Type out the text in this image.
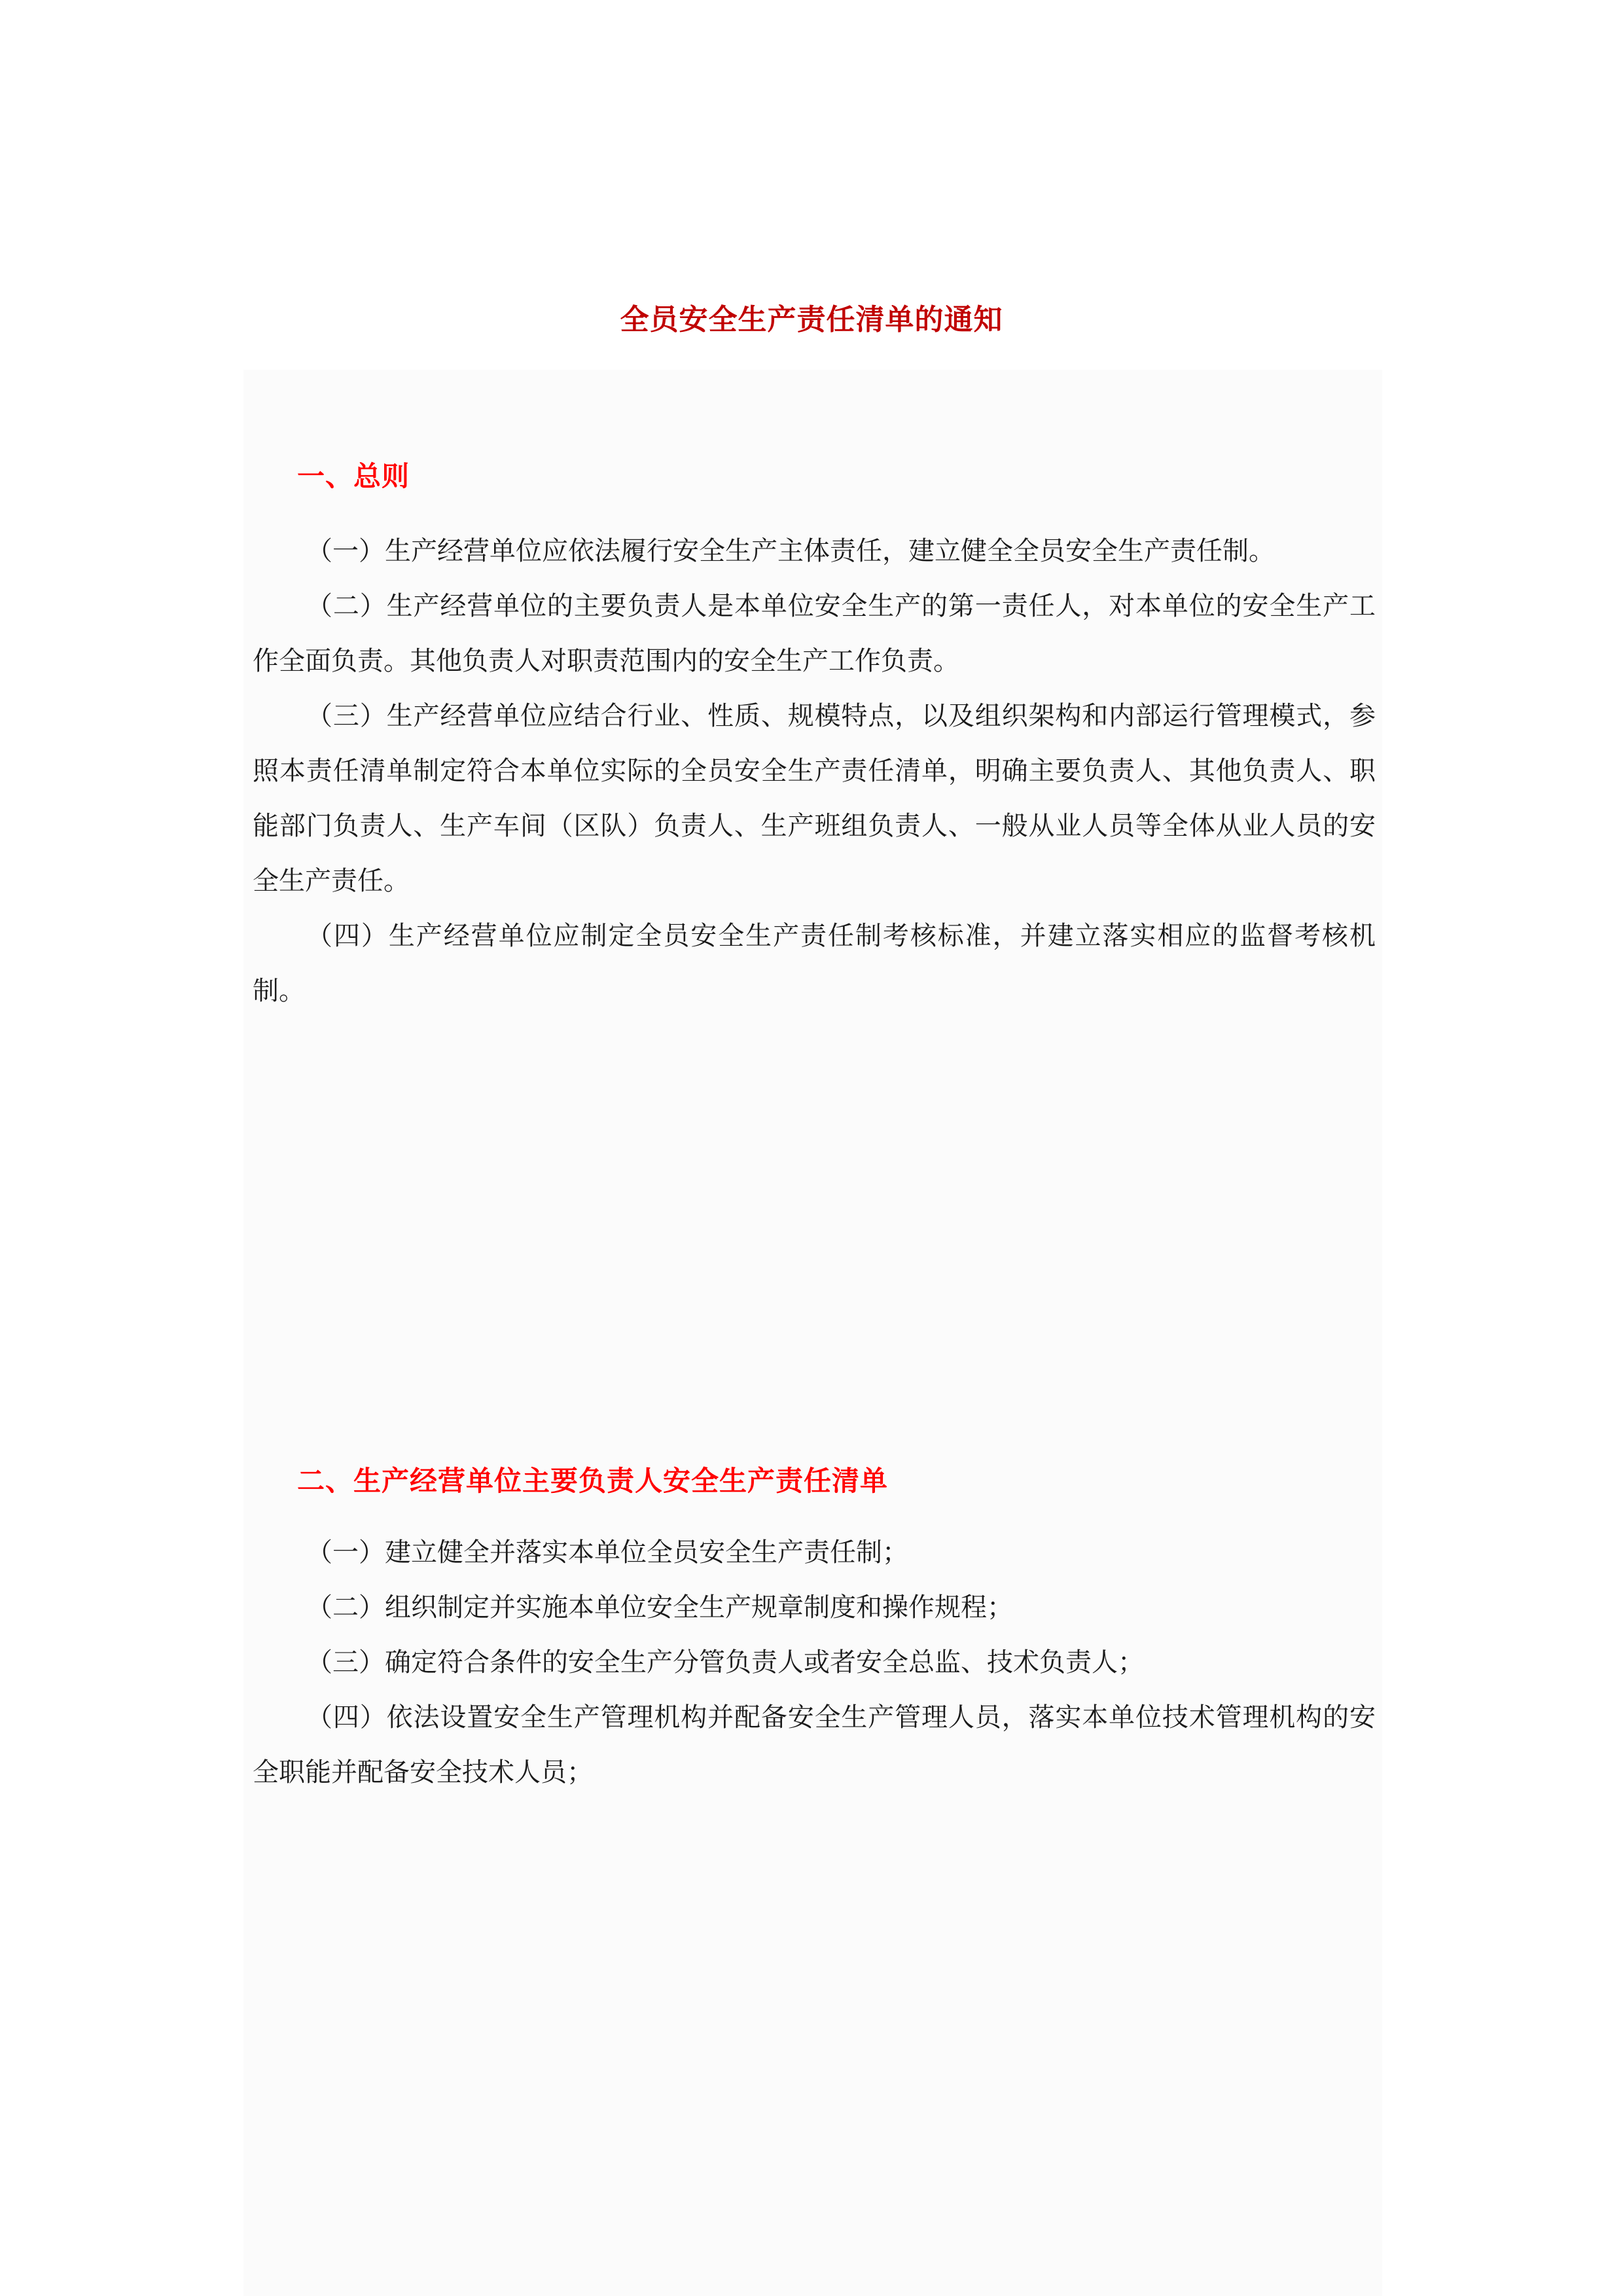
全员安全生产责任清单的通知
一、总则
（一）生产经营单位应依法履行安全生产主体责任，建立健全全员安全生产责任制。
（二）生产经营单位的主要负责人是本单位安全生产的第一责任人，对本单位的安全生产工作全面负责。其他负责人对职责范围内的安全生产工作负责。
（三）生产经营单位应结合行业、性质、规模特点，以及组织架构和内部运行管理模式，参照本责任清单制定符合本单位实际的全员安全生产责任清单，明确主要负责人、其他负责人、职能部门负责人、生产车间（区队）负责人、生产班组负责人、一般从业人员等全体从业人员的安全生产责任。
（四）生产经营单位应制定全员安全生产责任制考核标准，并建立落实相应的监督考核机制。
二、生产经营单位主要负责人安全生产责任清单
（一）建立健全并落实本单位全员安全生产责任制；
（二）组织制定并实施本单位安全生产规章制度和操作规程；
（三）确定符合条件的安全生产分管负责人或者安全总监、技术负责人；
（四）依法设置安全生产管理机构并配备安全生产管理人员，落实本单位技术管理机构的安全职能并配备安全技术人员；
